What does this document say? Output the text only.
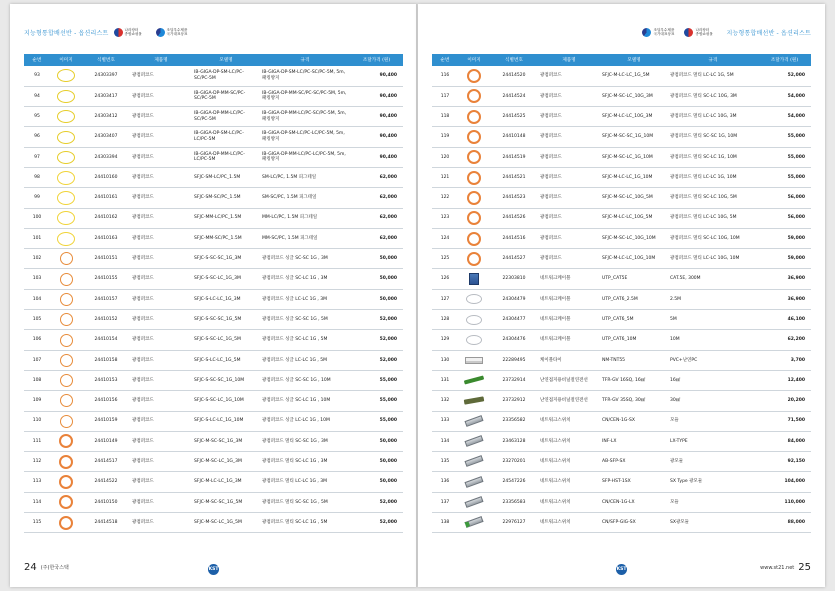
지능형통합배선반 - 옵션리스트	나라장터
종합쇼핑몰
조달우수제품
국가대표상표
순번	이미지	식별번호	제품명	모델명	규격	조달가격 (원)
93		24303397	광점퍼코드	IB-GIGA-DP-SM-LC/PC-SC/PC-5M	IB-GIGA-DP-SM-LC/PC-SC/PC-5M, 5m,패킹방지	90,400
94		24303417	광점퍼코드	IB-GIGA-DP-MM-SC/PC-SC/PC-5M	IB-GIGA-DP-MM-SC/PC-SC/PC-5M, 5m, 패킹방지	90,400
95		24303412	광점퍼코드	IB-GIGA-DP-MM-LC/PC-SC/PC-5M	IB-GIGA-DP-MM-LC/PC-SC/PC-5M, 5m, 패킹방지	90,400
96		24303407	광점퍼코드	IB-GIGA-DP-SM-LC/PC-LC/PC-5M	IB-GIGA-DP-SM-LC/PC-LC/PC-5M, 5m,패킹방지	90,400
97		24303394	광점퍼코드	IB-GIGA-DP-MM-LC/PC-LC/PC-5M	IB-GIGA-DP-MM-LC/PC-LC/PC-5M, 5m,패킹방지	90,400
98		24410160	광점퍼코드	SFJC-SM-LC/PC_1.5M	SM-LC/PC, 1.5M 피그테일	62,000
99		24410161	광점퍼코드	SFJC-SM-SC/PC_1.5M	SM-SC/PC, 1.5M 피그테일	62,000
100		24410162	광점퍼코드	SFJC-MM-LC/PC_1.5M	MM-LC/PC, 1.5M 피그테일	62,000
101		24410163	광점퍼코드	SFJC-MM-SC/PC_1.5M	MM-SC/PC, 1.5M 피그테일	62,000
102		24410151	광점퍼코드	SFJC-S-SC-SC_1G_3M	광점퍼코드 싱글 SC-SC 1G , 3M	50,000
103		24410155	광점퍼코드	SFJC-S-SC-LC_1G_3M	광점퍼코드 싱글 SC-LC 1G , 3M	50,000
104		24410157	광점퍼코드	SFJC-S-LC-LC_1G_3M	광점퍼코드 싱글 LC-LC 1G , 3M	50,000
105		24410152	광점퍼코드	SFJC-S-SC-SC_1G_5M	광점퍼코드 싱글 SC-SC 1G , 5M	52,000
106		24410154	광점퍼코드	SFJC-S-SC-LC_1G_5M	광점퍼코드 싱글 SC-LC 1G , 5M	52,000
107		24410158	광점퍼코드	SFJC-S-LC-LC_1G_5M	광점퍼코드 싱글 LC-LC 1G , 5M	52,000
108		24410153	광점퍼코드	SFJC-S-SC-SC_1G_10M	광점퍼코드 싱글 SC-SC 1G , 10M	55,000
109		24410156	광점퍼코드	SFJC-S-SC-LC_1G_10M	광점퍼코드 싱글 SC-LC 1G , 10M	55,000
110		24410159	광점퍼코드	SFJC-S-LC-LC_1G_10M	광점퍼코드 싱글 LC-LC 1G , 10M	55,000
111		24410149	광점퍼코드	SFJC-M-SC-SC_1G_3M	광점퍼코드 멀티 SC-SC 1G , 3M	50,000
112		24414517	광점퍼코드	SFJC-M-SC-LC_1G_3M	광점퍼코드 멀티 SC-LC 1G , 3M	50,000
113		24414522	광점퍼코드	SFJC-M-LC-LC_1G_3M	광점퍼코드 멀티 LC-LC 1G , 3M	50,000
114		24410150	광점퍼코드	SFJC-M-SC-SC_1G_5M	광점퍼코드 멀티 SC-SC 1G , 5M	52,000
115		24414518	광점퍼코드	SFJC-M-SC-LC_1G_5M	광점퍼코드 멀티 SC-LC 1G , 5M	52,000
KST
24 (주)한국스택
지능형통합배선반 - 옵션리스트
나라장터
종합쇼핑몰
조달우수제품
국가대표상표
순번	이미지	식별번호	제품명	모델명	규격	조달가격 (원)
116		24414520	광점퍼코드	SFJC-M-LC-LC_1G_5M	광점퍼코드 멀티 LC-LC 1G, 5M	52,000
117		24414524	광점퍼코드	SFJC-M-SC-LC_10G_3M	광점퍼코드 멀티 SC-LC 10G, 3M	54,000
118		24414525	광점퍼코드	SFJC-M-LC-LC_10G_3M	광점퍼코드 멀티 LC-LC 10G, 3M	54,000
119		24410148	광점퍼코드	SFJC-M-SC-SC_1G_10M	광점퍼코드 멀티 SC-SC 1G, 10M	55,000
120		24414519	광점퍼코드	SFJC-M-SC-LC_1G_10M	광점퍼코드 멀티 SC-LC 1G, 10M	55,000
121		24414521	광점퍼코드	SFJC-M-LC-LC_1G_10M	광점퍼코드 멀티 LC-LC 1G, 10M	55,000
122		24414523	광점퍼코드	SFJC-M-SC-LC_10G_5M	광점퍼코드 멀티 SC-LC 10G, 5M	56,000
123		24414526	광점퍼코드	SFJC-M-LC-LC_10G_5M	광점퍼코드 멀티 LC-LC 10G, 5M	56,000
124		24414516	광점퍼코드	SFJC-M-SC-LC_10G_10M	광점퍼코드 멀티 SC-LC 10G, 10M	59,000
125		24414527	광점퍼코드	SFJC-M-LC-LC_10G_10M	광점퍼코드 멀티 LC-LC 10G, 10M	59,000
126		22303810	네트워크케이블	UTP_CAT5E	CAT.5E, 300M	36,900
127		24304479	네트워크케이블	UTP_CAT6_2.5M	2.5M	36,900
128		24304477	네트워크케이블	UTP_CAT6_5M	5M	46,100
129		24304476	네트워크케이블	UTP_CAT6_10M	10M	62,200
130		22289495	케이블타이	NM-TNT55	PVC+난연PC	3,700
131		23732914	난연접지용비닐절연전선	TFR-GV 16SQ, 16㎟	16㎟	12,400
132		23732912	난연접지용비닐절연전선	TFR-GV 35SQ, 30㎟	30㎟	20,200
133		23356582	네트워크스위치	CN/CEN-1G-SX	모듈	71,500
134		23463128	네트워크스위치	INF-LX	LX-TYPE	84,000
135		23270201	네트워크스위치	AB-SFP-SX	광모듈	92,150
136		24547226	네트워크스위치	SFP-HST-1SX	SX Type 광모듈	104,000
137		23356583	네트워크스위치	CN/CEN-1G-LX	모듈	110,000
138		22976127	네트워크스위치	CN/SFP-GIG-SX	SX광모듈	88,000
KST	www.st21.net 25
